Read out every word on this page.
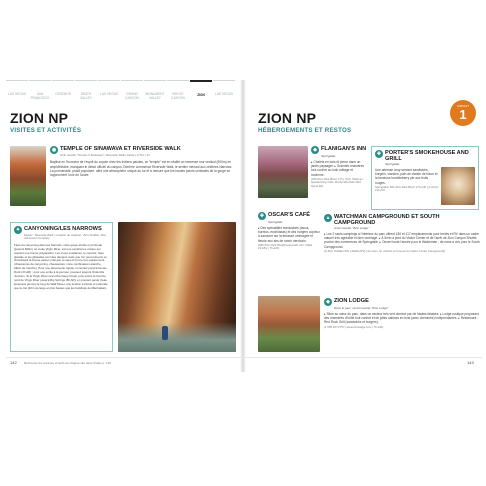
LAS VEGAS	SAN FRANCISCO
YOSEMITE	DEATH VALLEY
LAS VEGAS	GRAND CANYON
MONUMENT VALLEY
BRYCE CANYON
ZION	LAS VEGAS
ZION NP
VISITES ET ACTIVITÉS
◉ TEMPLE OF SINAWAVA ET RIVERSIDE WALK
Arrêt navette "Temple of Sinawava" | Riverside Walk | Facile | 3,7km | 1h
Baptisé en l'honneur de l'esprit du coyote chez les Indiens paiutes, ce "temple" est en réalité un immense mur vertical (900m) en amphithéâtre, marquant le début officiel du canyon. Derrière commence Riverside Walk, le sentier menant aux célèbres Narrows. La promenade, plutôt populaire, offre une atmosphère unique au fur et à mesure que les hautes parois verticales de la gorge se rapprochent l'une de l'autre.
✦ CANYONING/LES NARROWS
Départ : Riverside Walk | Location de matériel : Zion Outfitter, Zion Adventure Company
Faire du canyoning dans les Narrows, cette gorge étroite et profonde (jusqu'à 600m) où coule Virgin River, est une expérience unique qui requiert une bonne préparation. Les crues soudaines, le courant, l'eau glaciale et les glissades sont des dangers réels que l'on peut prévenir en choisissant la bonne saison (mai-juin et sept-oct) et le bon équipement (chaussures de canyoning, chaussettes, voire combinaison étanche, bâton de marche). Pour une découverte rapide, remontez jusqu'à House Rock (2h AR) ; pour une sortie à la journée, poussez jusqu'à Orderville Junction. Si la Virgin River rencontre Deep Creek, puis suivre la fourche nord de Virgin River jusqu'à Big Springs (8h AR), en prenant garde (l'eau jusqu'aux genoux le long de Wall Street, une section à étroite et profonde que le ciel (40m de large et plus hautes que les buildings de Manhattan).
142 Retrouvez les horaires et tarifs de chaque site dans l'index p. 216.
ZION NP
HÉBERGEMENTS ET RESTOS
CIRCUIT
1
◆ FLANIGAN'S INN
Springdale
▸ Chalets en bois et pierre dans un jardin paysager. ▸ Grandes chambres tout confort au look cottage et moderne.
(450 Zion Park Blvd | 17h | 7)(3 | Table au Spotted Dog Café, Rocky Mountain Red Seval Dk)
✚ PORTER'S SMOKEHOUSE AND GRILL
Springdale
Une adresse cosy servant sandwichs, burgers, viandes, pain de viande de bison et la fameuse bumbleberry pie aux fruits rouges.
Springdale: 801 Zion Park Blvd | 17h-24h | (Lunch): 11h-21h
✚ OSCAR'S CAFÉ
Springdale
▸ Des spécialités mexicaines (tacos, burritos, enchiladas) et des burgers copieux à savourer sur la terrasse ombragée et fleurie aux airs de ranch mexicain.
(948 Zion Park Blvd)(oscarscafe.com | Mais 19:18s) | 7h-22h)
▲ WATCHMAN CAMPGROUND ET SOUTH CAMPGROUND
Arrêt navette "Zion Lodge"
▸ Les 2 seuls campings à l'intérieur du parc offrent 180 et 117 emplacements pour tentes et RV dans un cadre naturel très agréable et bien ombragé. ▸ À 5min à pied du Visitor Center et de l'arrêt de Zion Canyon Shuttle, proche des commerces de Springdale. ▸ Ouvert toute l'année pour le Watchman ; de mars à nov pour le South Campground.
(À Zion Outfitter 801 | Rattle (RV) | de mars, fin octobre à l'inverse du Visitor Center Campground)
◆ ZION LODGE
Dans le parc | Arrêt navette "Zion Lodge"
▸ Situé au cœur du parc, dans un secteur très vert dominé par de hautes falaises. ▸ Lodge rustique proposant des chambres d'hôtel tout confort et de jolies cabines en bois (avec cheminée) indépendantes. ▸ Restaurant : Red Rock Grill (sandwichs et burgers).
(1 888 297 2757 | www.zionlodge.com | 7h-24h)
143
